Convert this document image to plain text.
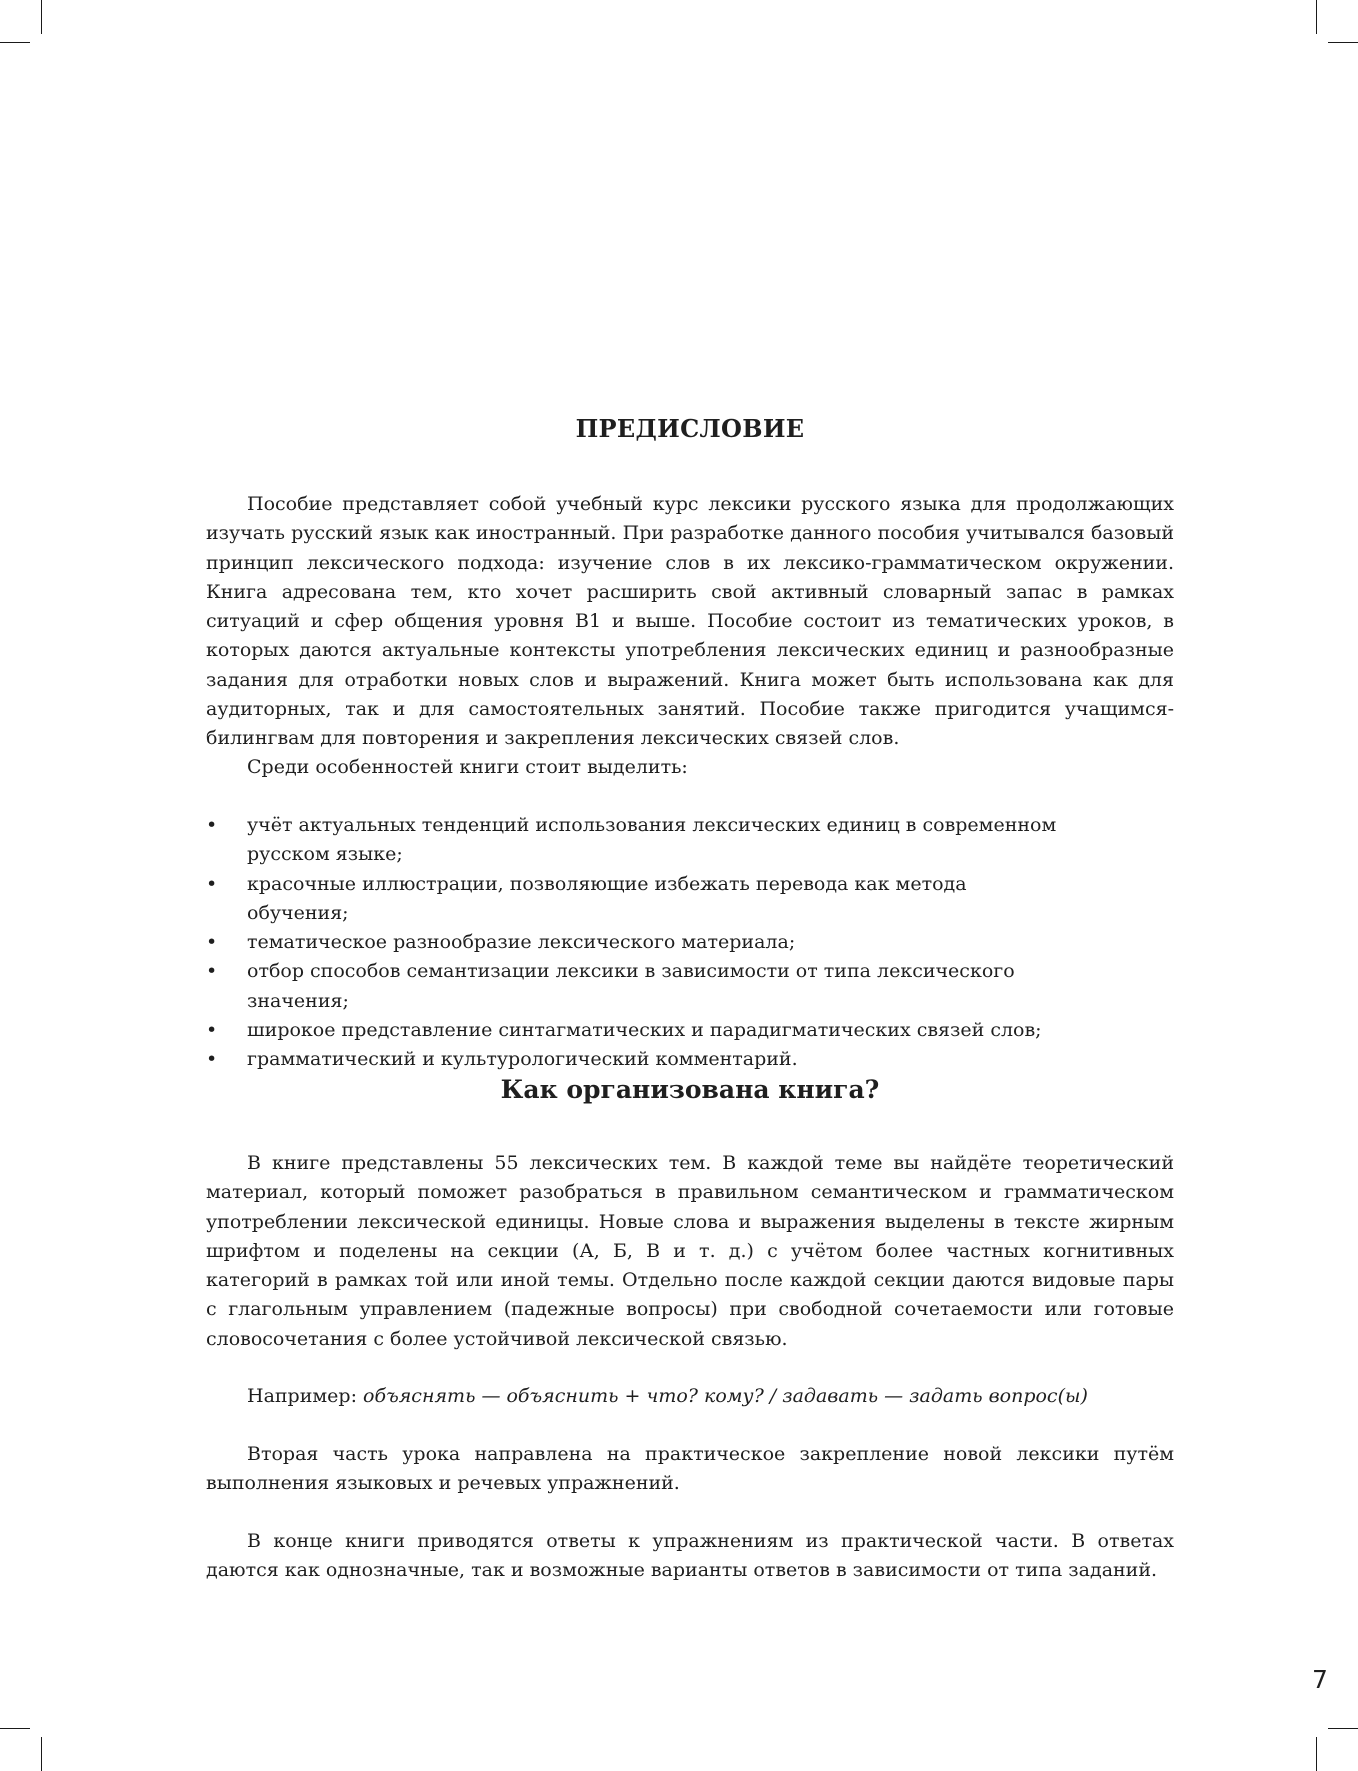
ПРЕДИСЛОВИЕ

Пособие представляет собой учебный курс лексики русского языка для продолжающих изучать русский язык как иностранный. При разработке данного пособия учитывался базовый принцип лексического подхода: изучение слов в их лексико-грамматическом окружении. Книга адресована тем, кто хочет расширить свой активный словарный запас в рамках ситуаций и сфер общения уровня B1 и выше. Пособие состоит из тематических уроков, в которых даются актуальные контексты употребления лексических единиц и разнообразные задания для отработки новых слов и выражений. Книга может быть использована как для аудиторных, так и для самостоятельных занятий. Пособие также пригодится учащимся-билингвам для повторения и закрепления лексических связей слов.

Среди особенностей книги стоит выделить:

• учёт актуальных тенденций использования лексических единиц в современном русском языке;
• красочные иллюстрации, позволяющие избежать перевода как метода обучения;
• тематическое разнообразие лексического материала;
• отбор способов семантизации лексики в зависимости от типа лексического значения;
• широкое представление синтагматических и парадигматических связей слов;
• грамматический и культурологический комментарий.
Как организована книга?

В книге представлены 55 лексических тем. В каждой теме вы найдёте теоретический материал, который поможет разобраться в правильном семантическом и грамматическом употреблении лексической единицы. Новые слова и выражения выделены в тексте жирным шрифтом и поделены на секции (А, Б, В и т. д.) с учётом более частных когнитивных категорий в рамках той или иной темы. Отдельно после каждой секции даются видовые пары с глагольным управлением (падежные вопросы) при свободной сочетаемости или готовые словосочетания с более устойчивой лексической связью.

Например: объяснять — объяснить + что? кому? / задавать — задать вопрос(ы)

Вторая часть урока направлена на практическое закрепление новой лексики путём выполнения языковых и речевых упражнений.

В конце книги приводятся ответы к упражнениям из практической части. В ответах даются как однозначные, так и возможные варианты ответов в зависимости от типа заданий.

7
